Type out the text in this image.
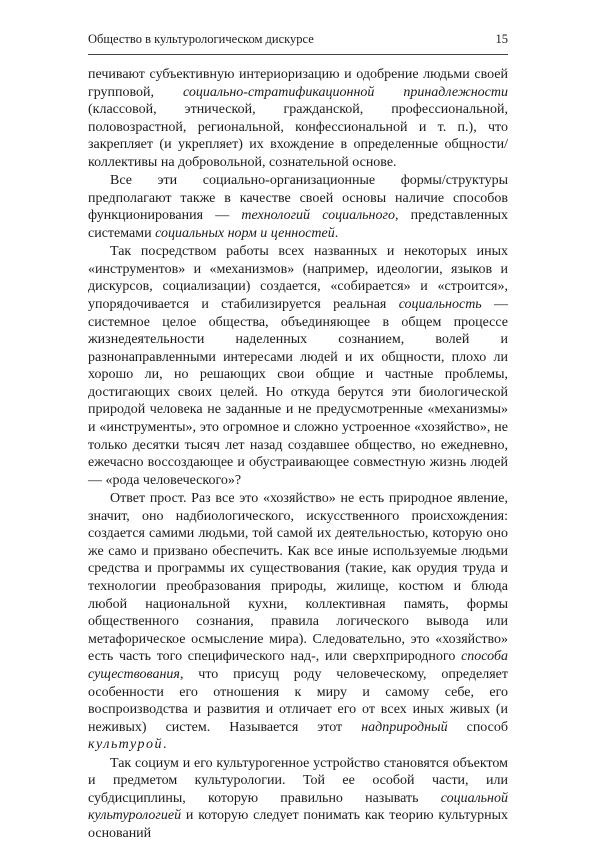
Общество в культурологическом дискурсе	15

печивают субъективную интериоризацию и одобрение людьми своей групповой, социально-стратификационной принадлежности (классовой, этнической, гражданской, профессиональной, половозрастной, региональной, конфессиональной и т. п.), что закрепляет (и укрепляет) их вхождение в определенные общности/коллективы на добровольной, сознательной основе.

Все эти социально-организационные формы/структуры предполагают также в качестве своей основы наличие способов функционирования — технологий социального, представленных системами социальных норм и ценностей.

Так посредством работы всех названных и некоторых иных «инструментов» и «механизмов» (например, идеологии, языков и дискурсов, социализации) создается, «собирается» и «строится», упорядочивается и стабилизируется реальная социальность — системное целое общества, объединяющее в общем процессе жизнедеятельности наделенных сознанием, волей и разнонаправленными интересами людей и их общности, плохо ли хорошо ли, но решающих свои общие и частные проблемы, достигающих своих целей. Но откуда берутся эти биологической природой человека не заданные и не предусмотренные «механизмы» и «инструменты», это огромное и сложно устроенное «хозяйство», не только десятки тысяч лет назад создавшее общество, но ежедневно, ежечасно воссоздающее и обустраивающее совместную жизнь людей — «рода человеческого»?

Ответ прост. Раз все это «хозяйство» не есть природное явление, значит, оно надбиологического, искусственного происхождения: создается самими людьми, той самой их деятельностью, которую оно же само и призвано обеспечить. Как все иные используемые людьми средства и программы их существования (такие, как орудия труда и технологии преобразования природы, жилище, костюм и блюда любой национальной кухни, коллективная память, формы общественного сознания, правила логического вывода или метафорическое осмысление мира). Следовательно, это «хозяйство» есть часть того специфического над-, или сверхприродного способа существования, что присущ роду человеческому, определяет особенности его отношения к миру и самому себе, его воспроизводства и развития и отличает его от всех иных живых (и неживых) систем. Называется этот надприродный способ культурой.

Так социум и его культурогенное устройство становятся объектом и предметом культурологии. Той ее особой части, или субдисциплины, которую правильно называть социальной культурологией и которую следует понимать как теорию культурных оснований
